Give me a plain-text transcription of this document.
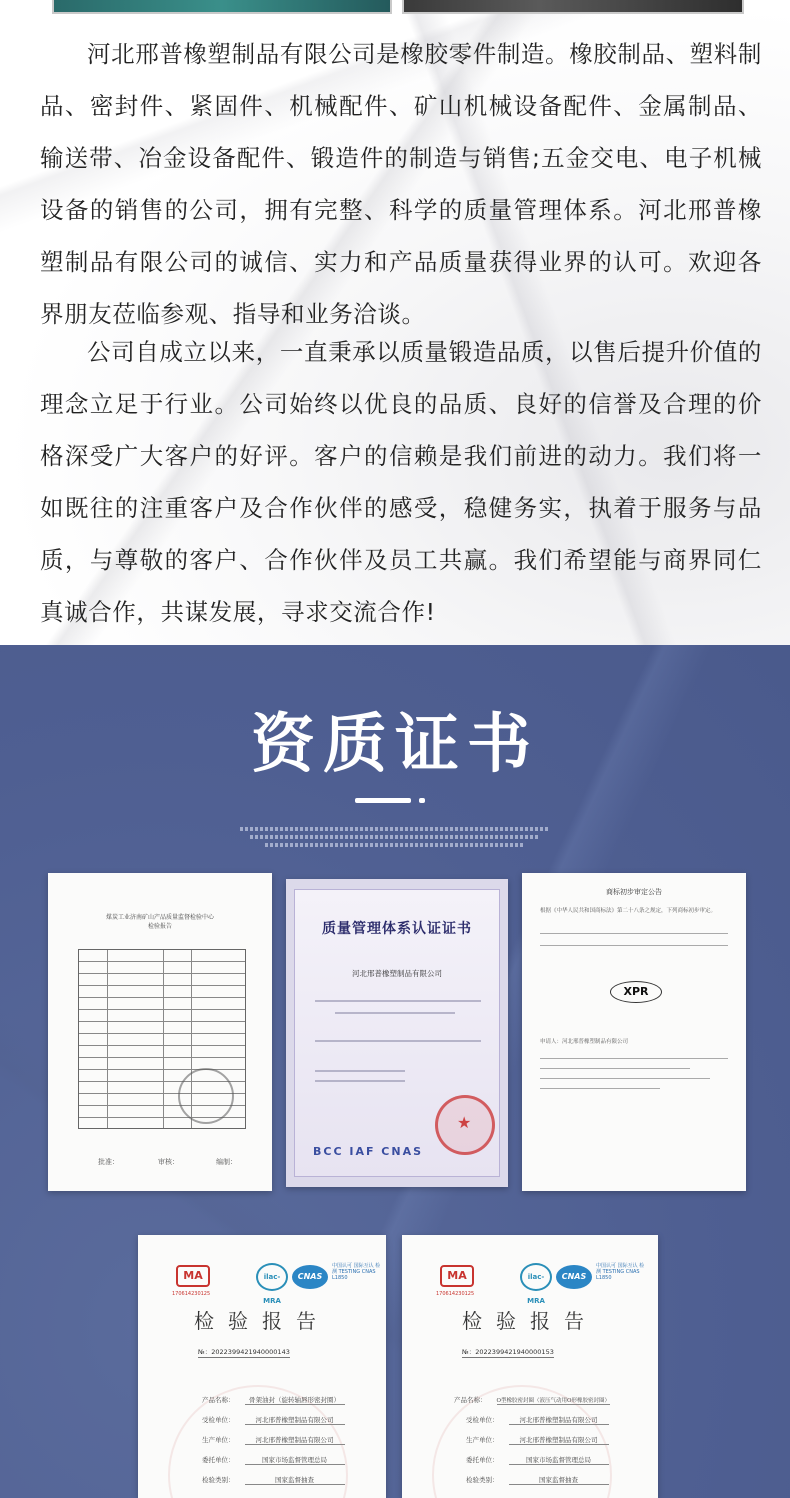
河北邢普橡塑制品有限公司是橡胶零件制造。橡胶制品、塑料制品、密封件、紧固件、机械配件、矿山机械设备配件、金属制品、输送带、冶金设备配件、锻造件的制造与销售;五金交电、电子机械设备的销售的公司，拥有完整、科学的质量管理体系。河北邢普橡塑制品有限公司的诚信、实力和产品质量获得业界的认可。欢迎各界朋友莅临参观、指导和业务洽谈。

公司自成立以来，一直秉承以质量锻造品质，以售后提升价值的理念立足于行业。公司始终以优良的品质、良好的信誉及合理的价格深受广大客户的好评。客户的信赖是我们前进的动力。我们将一如既往的注重客户及合作伙伴的感受，稳健务实，执着于服务与品质，与尊敬的客户、合作伙伴及员工共赢。我们希望能与商界同仁真诚合作，共谋发展，寻求交流合作!

资质证书
煤炭工业济南矿山产品质量监督检验中心
检验报告
批准：	审核：	编制：
质量管理体系认证证书
河北邢普橡塑制品有限公司
★
BCC IAF CNAS
商标初步审定公告
根据《中华人民共和国商标法》第二十八条之规定，下列商标初步审定。
XPR
申请人：河北邢普橡塑制品有限公司
MA
170614230125
ilac-MRA
CNAS
中国认可 国际互认 检测 TESTING CNAS L1850
检验报告
№：2022399421940000143
产品名称： 骨架油封（旋转轴唇形密封圈）
受检单位：	河北邢普橡塑制品有限公司
生产单位：	河北邢普橡塑制品有限公司
委托单位：	国家市场监督管理总局
检验类别：	国家监督抽查
MA
170614230125
ilac-MRA
CNAS
中国认可 国际互认 检测 TESTING CNAS L1850
检验报告
№：2022399421940000153
产品名称： O型橡胶密封圈（液压气动用O形橡胶密封圈）
受检单位：	河北邢普橡塑制品有限公司
生产单位：	河北邢普橡塑制品有限公司
委托单位：	国家市场监督管理总局
检验类别：	国家监督抽查
